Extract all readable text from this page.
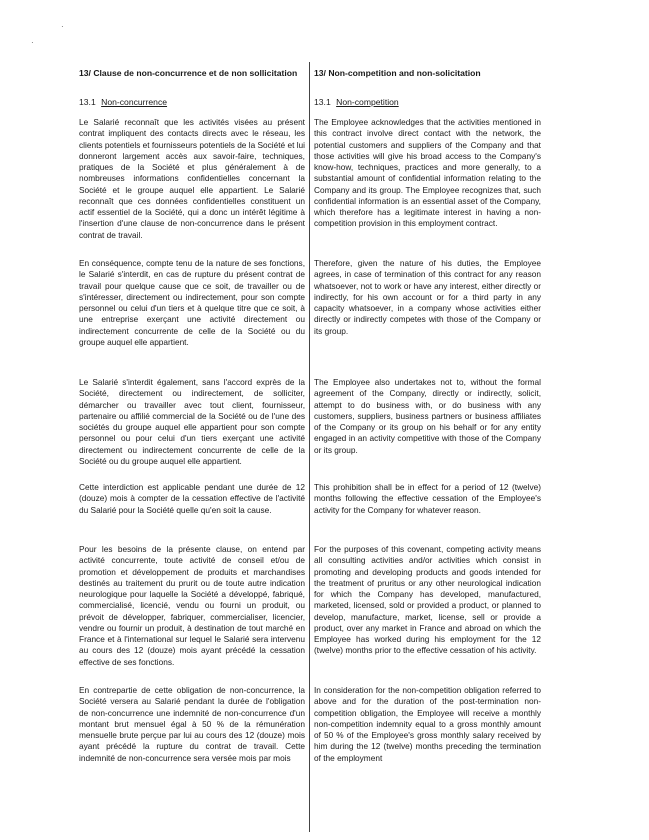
·
·

13/ Clause de non-concurrence et de non sollicitation

13.1 Non-concurrence

Le Salarié reconnaît que les activités visées au présent contrat impliquent des contacts directs avec le réseau, les clients potentiels et fournisseurs potentiels de la Société et lui donneront largement accès aux savoir-faire, techniques, pratiques de la Société et plus généralement à de nombreuses informations confidentielles concernant la Société et le groupe auquel elle appartient. Le Salarié reconnaît que ces données confidentielles constituent un actif essentiel de la Société, qui a donc un intérêt légitime à l'insertion d'une clause de non-concurrence dans le présent contrat de travail.

En conséquence, compte tenu de la nature de ses fonctions, le Salarié s'interdit, en cas de rupture du présent contrat de travail pour quelque cause que ce soit, de travailler ou de s'intéresser, directement ou indirectement, pour son compte personnel ou celui d'un tiers et à quelque titre que ce soit, à une entreprise exerçant une activité directement ou indirectement concurrente de celle de la Société ou du groupe auquel elle appartient.

Le Salarié s'interdit également, sans l'accord exprès de la Société, directement ou indirectement, de solliciter, démarcher ou travailler avec tout client, fournisseur, partenaire ou affilié commercial de la Société ou de l'une des sociétés du groupe auquel elle appartient pour son compte personnel ou pour celui d'un tiers exerçant une activité directement ou indirectement concurrente de celle de la Société ou du groupe auquel elle appartient.

Cette interdiction est applicable pendant une durée de 12 (douze) mois à compter de la cessation effective de l'activité du Salarié pour la Société quelle qu'en soit la cause.

Pour les besoins de la présente clause, on entend par activité concurrente, toute activité de conseil et/ou de promotion et développement de produits et marchandises destinés au traitement du prurit ou de toute autre indication neurologique pour laquelle la Société a développé, fabriqué, commercialisé, licencié, vendu ou fourni un produit, ou prévoit de développer, fabriquer, commercialiser, licencier, vendre ou fournir un produit, à destination de tout marché en France et à l'international sur lequel le Salarié sera intervenu au cours des 12 (douze) mois ayant précédé la cessation effective de ses fonctions.

En contrepartie de cette obligation de non-concurrence, la Société versera au Salarié pendant la durée de l'obligation de non-concurrence une indemnité de non-concurrence d'un montant brut mensuel égal à 50 % de la rémunération mensuelle brute perçue par lui au cours des 12 (douze) mois ayant précédé la rupture du contrat de travail. Cette indemnité de non-concurrence sera versée mois par mois

13/ Non-competition and non-solicitation

13.1 Non-competition

The Employee acknowledges that the activities mentioned in this contract involve direct contact with the network, the potential customers and suppliers of the Company and that those activities will give his broad access to the Company's know-how, techniques, practices and more generally, to a substantial amount of confidential information relating to the Company and its group. The Employee recognizes that, such confidential information is an essential asset of the Company, which therefore has a legitimate interest in having a non-competition provision in this employment contract.

Therefore, given the nature of his duties, the Employee agrees, in case of termination of this contract for any reason whatsoever, not to work or have any interest, either directly or indirectly, for his own account or for a third party in any capacity whatsoever, in a company whose activities either directly or indirectly competes with those of the Company or its group.

The Employee also undertakes not to, without the formal agreement of the Company, directly or indirectly, solicit, attempt to do business with, or do business with any customers, suppliers, business partners or business affiliates of the Company or its group on his behalf or for any entity engaged in an activity competitive with those of the Company or its group.

This prohibition shall be in effect for a period of 12 (twelve) months following the effective cessation of the Employee's activity for the Company for whatever reason.

For the purposes of this covenant, competing activity means all consulting activities and/or activities which consist in promoting and developing products and goods intended for the treatment of pruritus or any other neurological indication for which the Company has developed, manufactured, marketed, licensed, sold or provided a product, or planned to develop, manufacture, market, license, sell or provide a product, over any market in France and abroad on which the Employee has worked during his employment for the 12 (twelve) months prior to the effective cessation of his activity.

In consideration for the non-competition obligation referred to above and for the duration of the post-termination non-competition obligation, the Employee will receive a monthly non-competition indemnity equal to a gross monthly amount of 50 % of the Employee's gross monthly salary received by him during the 12 (twelve) months preceding the termination of the employment
